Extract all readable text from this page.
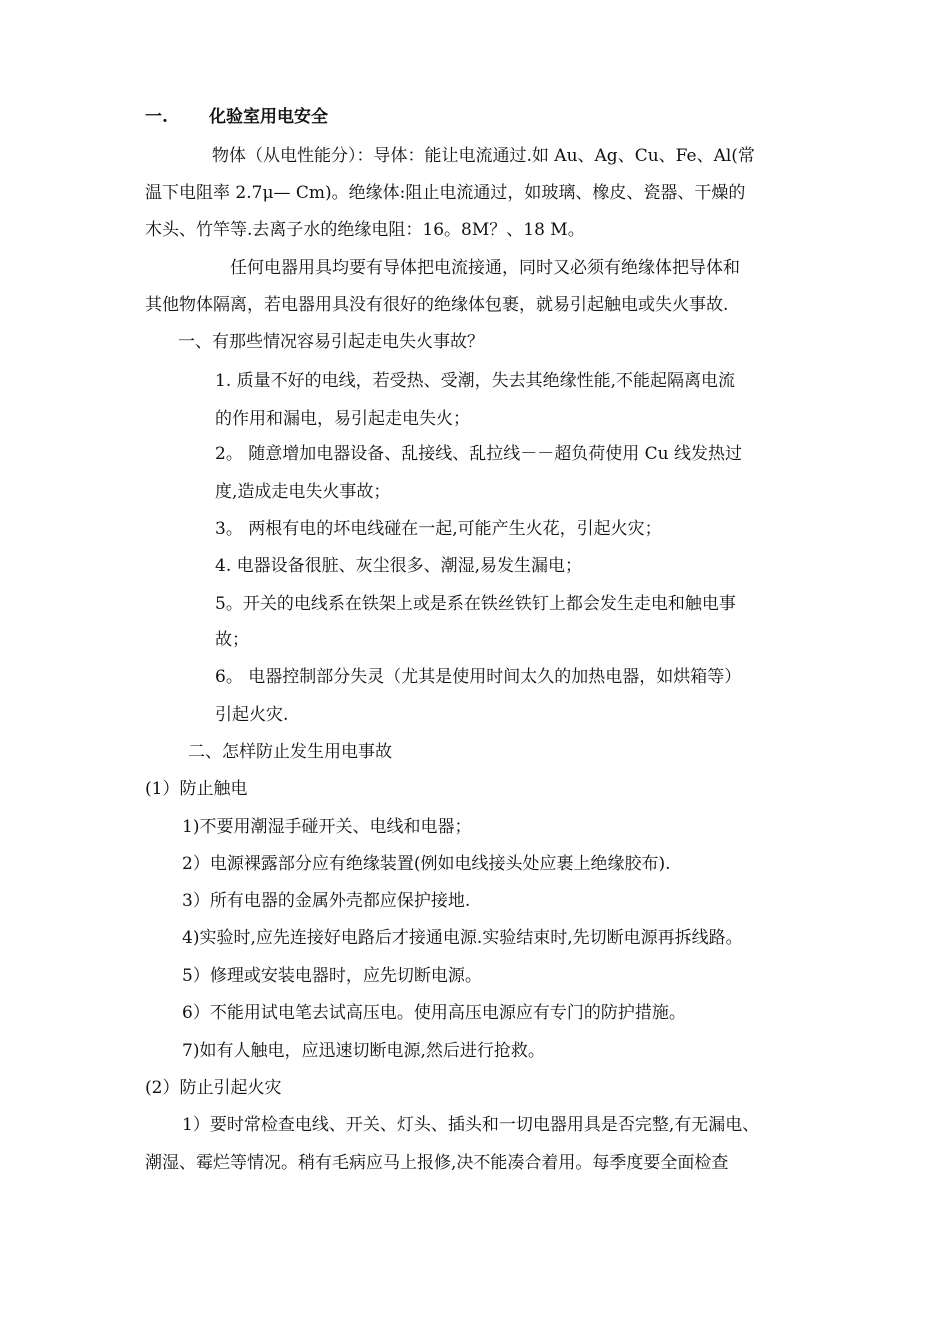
一. 化验室用电安全
物体（从电性能分）：导体：能让电流通过.如 Au、Ag、Cu、Fe、Al(常
温下电阻率 2.7μ— Cm)。绝缘体:阻止电流通过，如玻璃、橡皮、瓷器、干燥的
木头、竹竿等.去离子水的绝缘电阻：16。8M？、18 M。
任何电器用具均要有导体把电流接通，同时又必须有绝缘体把导体和
其他物体隔离，若电器用具没有很好的绝缘体包裹，就易引起触电或失火事故.
一、有那些情况容易引起走电失火事故？
1. 质量不好的电线，若受热、受潮，失去其绝缘性能,不能起隔离电流
的作用和漏电，易引起走电失火；
2。 随意增加电器设备、乱接线、乱拉线－－超负荷使用 Cu 线发热过
度,造成走电失火事故；
3。 两根有电的坏电线碰在一起,可能产生火花，引起火灾；
4. 电器设备很脏、灰尘很多、潮湿,易发生漏电；
5。开关的电线系在铁架上或是系在铁丝铁钉上都会发生走电和触电事
故；
6。 电器控制部分失灵（尤其是使用时间太久的加热电器，如烘箱等）
引起火灾.
二、怎样防止发生用电事故
(1）防止触电
1)不要用潮湿手碰开关、电线和电器；
2）电源裸露部分应有绝缘装置(例如电线接头处应裹上绝缘胶布).
3）所有电器的金属外壳都应保护接地.
4)实验时,应先连接好电路后才接通电源.实验结束时,先切断电源再拆线路。
5）修理或安装电器时，应先切断电源。
6）不能用试电笔去试高压电。使用高压电源应有专门的防护措施。
7)如有人触电，应迅速切断电源,然后进行抢救。
(2）防止引起火灾
1）要时常检查电线、开关、灯头、插头和一切电器用具是否完整,有无漏电、
潮湿、霉烂等情况。稍有毛病应马上报修,决不能凑合着用。每季度要全面检查
